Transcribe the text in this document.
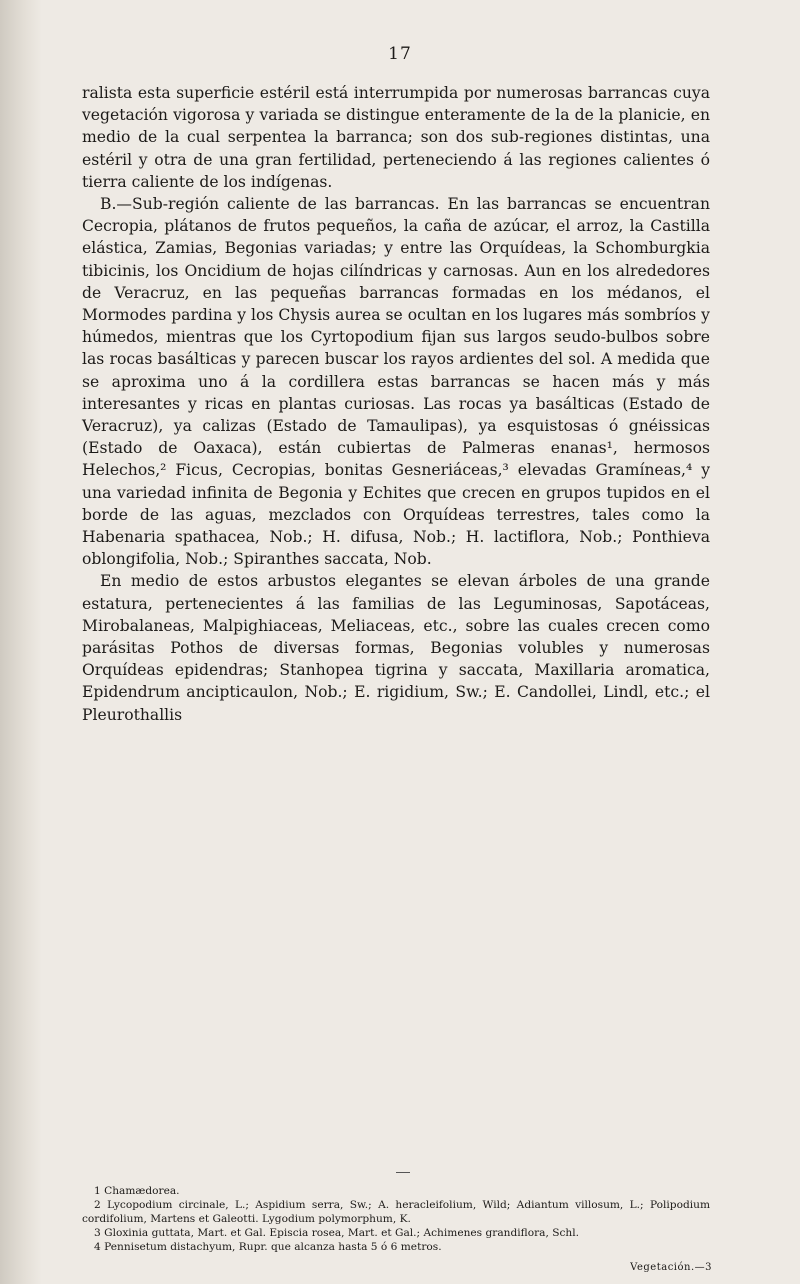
17

ralista esta superficie estéril está interrumpida por numerosas barrancas cuya vegetación vigorosa y variada se distingue enteramente de la de la planicie, en medio de la cual serpentea la barranca; son dos sub-regiones distintas, una estéril y otra de una gran fertilidad, perteneciendo á las regiones calientes ó tierra caliente de los indígenas.

B.—Sub-región caliente de las barrancas. En las barrancas se encuentran Cecropia, plátanos de frutos pequeños, la caña de azúcar, el arroz, la Castilla elástica, Zamias, Begonias variadas; y entre las Orquídeas, la Schomburgkia tibicinis, los Oncidium de hojas cilíndricas y carnosas. Aun en los alrededores de Veracruz, en las pequeñas barrancas formadas en los médanos, el Mormodes pardina y los Chysis aurea se ocultan en los lugares más sombríos y húmedos, mientras que los Cyrtopodium fijan sus largos seudo-bulbos sobre las rocas basálticas y parecen buscar los rayos ardientes del sol. A medida que se aproxima uno á la cordillera estas barrancas se hacen más y más interesantes y ricas en plantas curiosas. Las rocas ya basálticas (Estado de Veracruz), ya calizas (Estado de Tamaulipas), ya esquistosas ó gnéissicas (Estado de Oaxaca), están cubiertas de Palmeras enanas¹, hermosos Helechos,² Ficus, Cecropias, bonitas Gesneriáceas,³ elevadas Gramíneas,⁴ y una variedad infinita de Begonia y Echites que crecen en grupos tupidos en el borde de las aguas, mezclados con Orquídeas terrestres, tales como la Habenaria spathacea, Nob.; H. difusa, Nob.; H. lactiflora, Nob.; Ponthieva oblongifolia, Nob.; Spiranthes saccata, Nob.

En medio de estos arbustos elegantes se elevan árboles de una grande estatura, pertenecientes á las familias de las Leguminosas, Sapotáceas, Mirobalaneas, Malpighiaceas, Meliaceas, etc., sobre las cuales crecen como parásitas Pothos de diversas formas, Begonias volubles y numerosas Orquídeas epidendras; Stanhopea tigrina y saccata, Maxillaria aromatica, Epidendrum ancipticaulon, Nob.; E. rigidium, Sw.; E. Candollei, Lindl, etc.; el Pleurothallis

1 Chamædorea.

2 Lycopodium circinale, L.; Aspidium serra, Sw.; A. heracleifolium, Wild; Adiantum villosum, L.; Polipodium cordifolium, Martens et Galeotti. Lygodium polymorphum, K.

3 Gloxinia guttata, Mart. et Gal. Episcia rosea, Mart. et Gal.; Achimenes grandiflora, Schl.

4 Pennisetum distachyum, Rupr. que alcanza hasta 5 ó 6 metros.

Vegetación.—3
